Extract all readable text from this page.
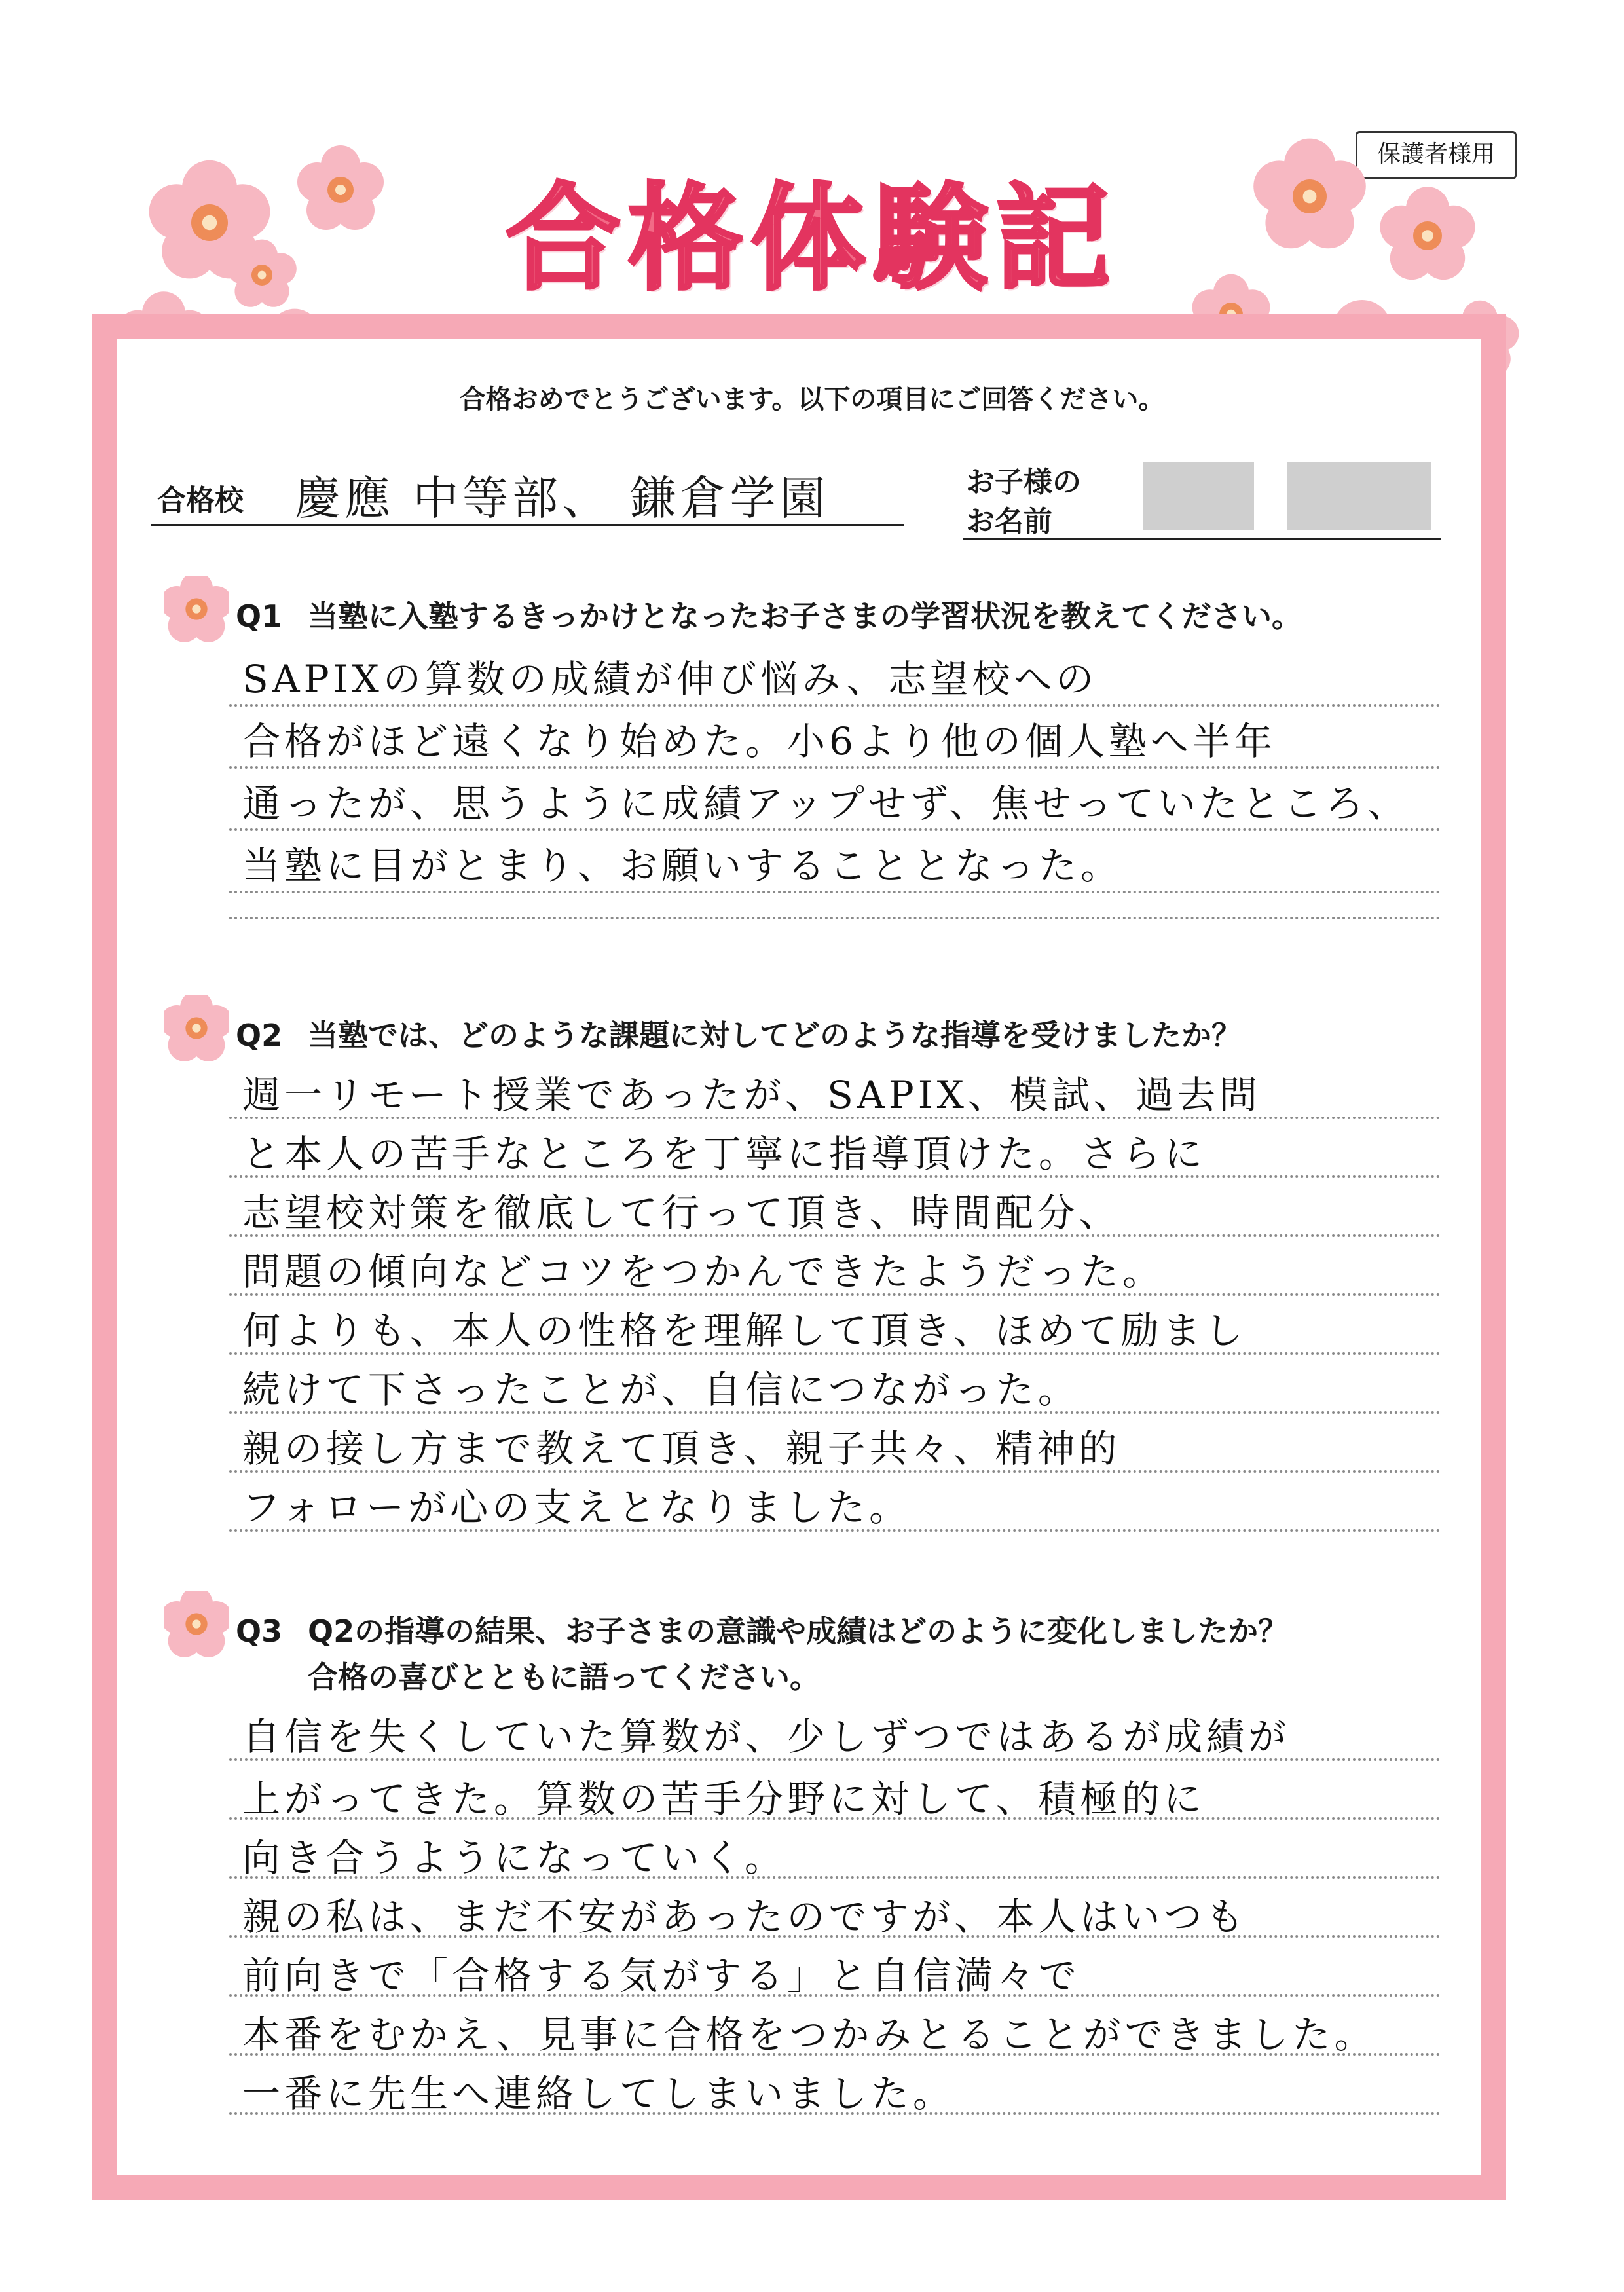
保護者様用
合格体験記
合格おめでとうございます。以下の項目にご回答ください。
合格校 慶應 中等部、 鎌倉学園	お子様の
お名前
Q1 当塾に入塾するきっかけとなったお子さまの学習状況を教えてください。
SAPIXの算数の成績が伸び悩み、志望校への
合格がほど遠くなり始めた。小6より他の個人塾へ半年
通ったが、思うように成績アップせず、焦せっていたところ、
当塾に目がとまり、お願いすることとなった。
Q2 当塾では、どのような課題に対してどのような指導を受けましたか？
週一リモート授業であったが、SAPIX、模試、過去問
と本人の苦手なところを丁寧に指導頂けた。さらに
志望校対策を徹底して行って頂き、時間配分、
問題の傾向などコツをつかんできたようだった。
何よりも、本人の性格を理解して頂き、ほめて励まし
続けて下さったことが、自信につながった。
親の接し方まで教えて頂き、親子共々、精神的
フォローが心の支えとなりました。
Q3 Q2の指導の結果、お子さまの意識や成績はどのように変化しましたか？
合格の喜びとともに語ってください。
自信を失くしていた算数が、少しずつではあるが成績が
上がってきた。算数の苦手分野に対して、積極的に
向き合うようになっていく。
親の私は、まだ不安があったのですが、本人はいつも
前向きで「合格する気がする」と自信満々で
本番をむかえ、見事に合格をつかみとることができました。
一番に先生へ連絡してしまいました。
